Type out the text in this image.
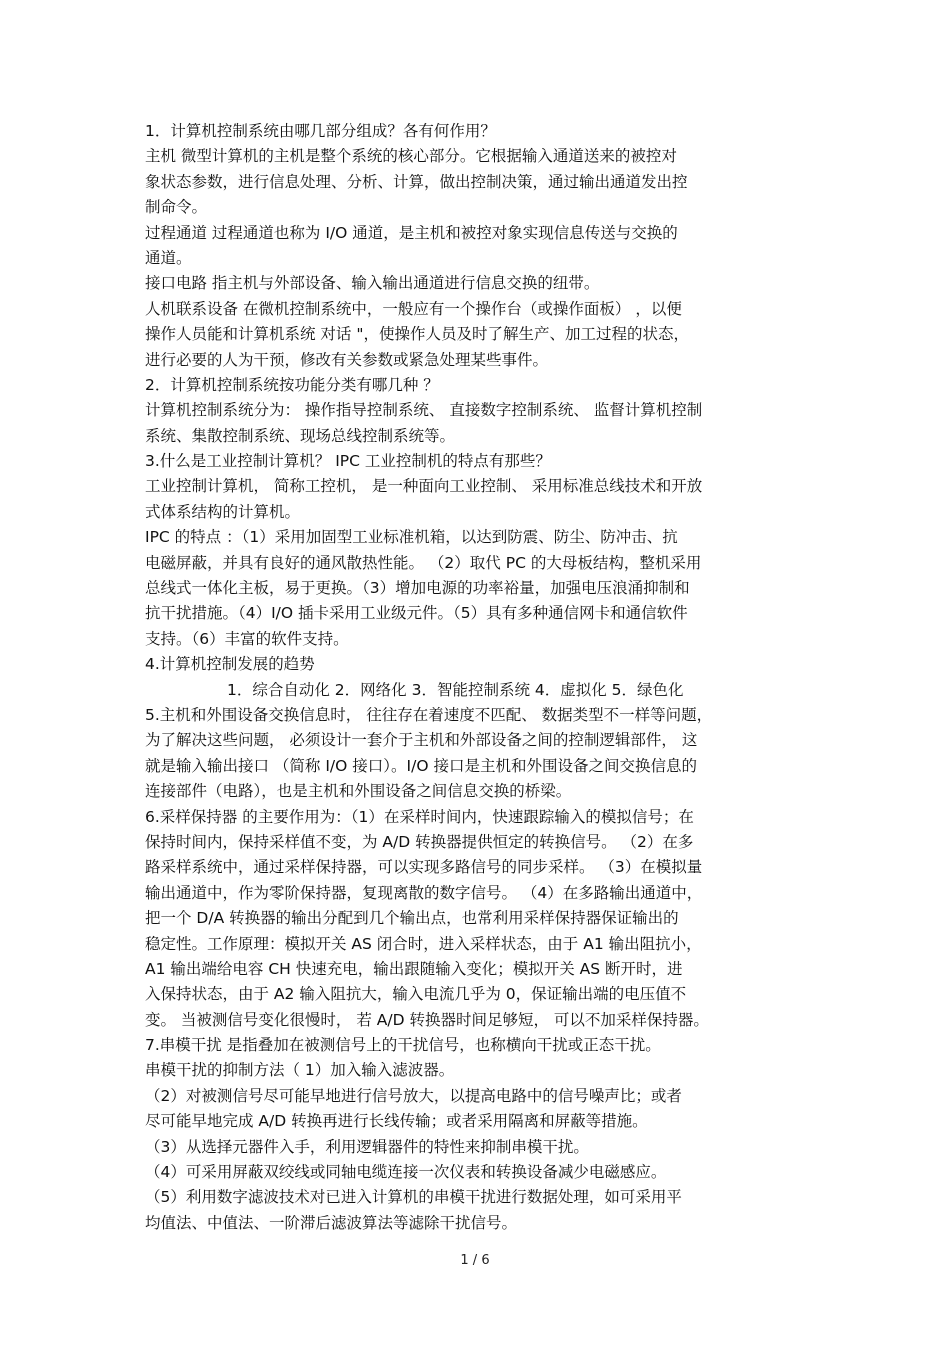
1．计算机控制系统由哪几部分组成？各有何作用？
主机 微型计算机的主机是整个系统的核心部分。它根据输入通道送来的被控对
象状态参数，进行信息处理、分析、计算，做出控制决策，通过输出通道发出控
制命令。
过程通道 过程通道也称为 I/O 通道，是主机和被控对象实现信息传送与交换的
通道。
接口电路 指主机与外部设备、输入输出通道进行信息交换的纽带。
人机联系设备 在微机控制系统中，一般应有一个操作台（或操作面板） ，以便
操作人员能和计算机系统 对话 "，使操作人员及时了解生产、加工过程的状态，
进行必要的人为干预，修改有关参数或紧急处理某些事件。
2．计算机控制系统按功能分类有哪几种 ？
计算机控制系统分为： 操作指导控制系统、 直接数字控制系统、 监督计算机控制
系统、集散控制系统、现场总线控制系统等。
3.什么是工业控制计算机？ IPC 工业控制机的特点有那些？
工业控制计算机， 简称工控机， 是一种面向工业控制、 采用标准总线技术和开放
式体系结构的计算机。
IPC 的特点 ：（1）采用加固型工业标准机箱，以达到防震、防尘、防冲击、抗
电磁屏蔽，并具有良好的通风散热性能。 （2）取代 PC 的大母板结构，整机采用
总线式一体化主板，易于更换。（3）增加电源的功率裕量，加强电压浪涌抑制和
抗干扰措施。（4）I/O 插卡采用工业级元件。（5）具有多种通信网卡和通信软件
支持。（6）丰富的软件支持。
4.计算机控制发展的趋势
1．综合自动化 2．网络化 3．智能控制系统 4．虚拟化 5．绿色化
5.主机和外围设备交换信息时， 往往存在着速度不匹配、 数据类型不一样等问题，
为了解决这些问题， 必须设计一套介于主机和外部设备之间的控制逻辑部件， 这
就是输入输出接口 （简称 I/O 接口）。I/O 接口是主机和外围设备之间交换信息的
连接部件（电路），也是主机和外围设备之间信息交换的桥梁。
6.采样保持器 的主要作用为：（1）在采样时间内，快速跟踪输入的模拟信号；在
保持时间内，保持采样值不变，为 A/D 转换器提供恒定的转换信号。 （2）在多
路采样系统中，通过采样保持器，可以实现多路信号的同步采样。 （3）在模拟量
输出通道中，作为零阶保持器，复现离散的数字信号。 （4）在多路输出通道中，
把一个 D/A 转换器的输出分配到几个输出点，也常利用采样保持器保证输出的
稳定性。工作原理：模拟开关 AS 闭合时，进入采样状态，由于 A1 输出阻抗小，
A1 输出端给电容 CH 快速充电，输出跟随输入变化；模拟开关 AS 断开时，进
入保持状态，由于 A2 输入阻抗大，输入电流几乎为 0，保证输出端的电压值不
变。 当被测信号变化很慢时， 若 A/D 转换器时间足够短， 可以不加采样保持器。
7.串模干扰 是指叠加在被测信号上的干扰信号，也称横向干扰或正态干扰。
串模干扰的抑制方法（ 1）加入输入滤波器。
（2）对被测信号尽可能早地进行信号放大，以提高电路中的信号噪声比；或者
尽可能早地完成 A/D 转换再进行长线传输；或者采用隔离和屏蔽等措施。
（3）从选择元器件入手，利用逻辑器件的特性来抑制串模干扰。
（4）可采用屏蔽双绞线或同轴电缆连接一次仪表和转换设备减少电磁感应。
（5）利用数字滤波技术对已进入计算机的串模干扰进行数据处理，如可采用平
均值法、中值法、一阶滞后滤波算法等滤除干扰信号。
1 / 6
